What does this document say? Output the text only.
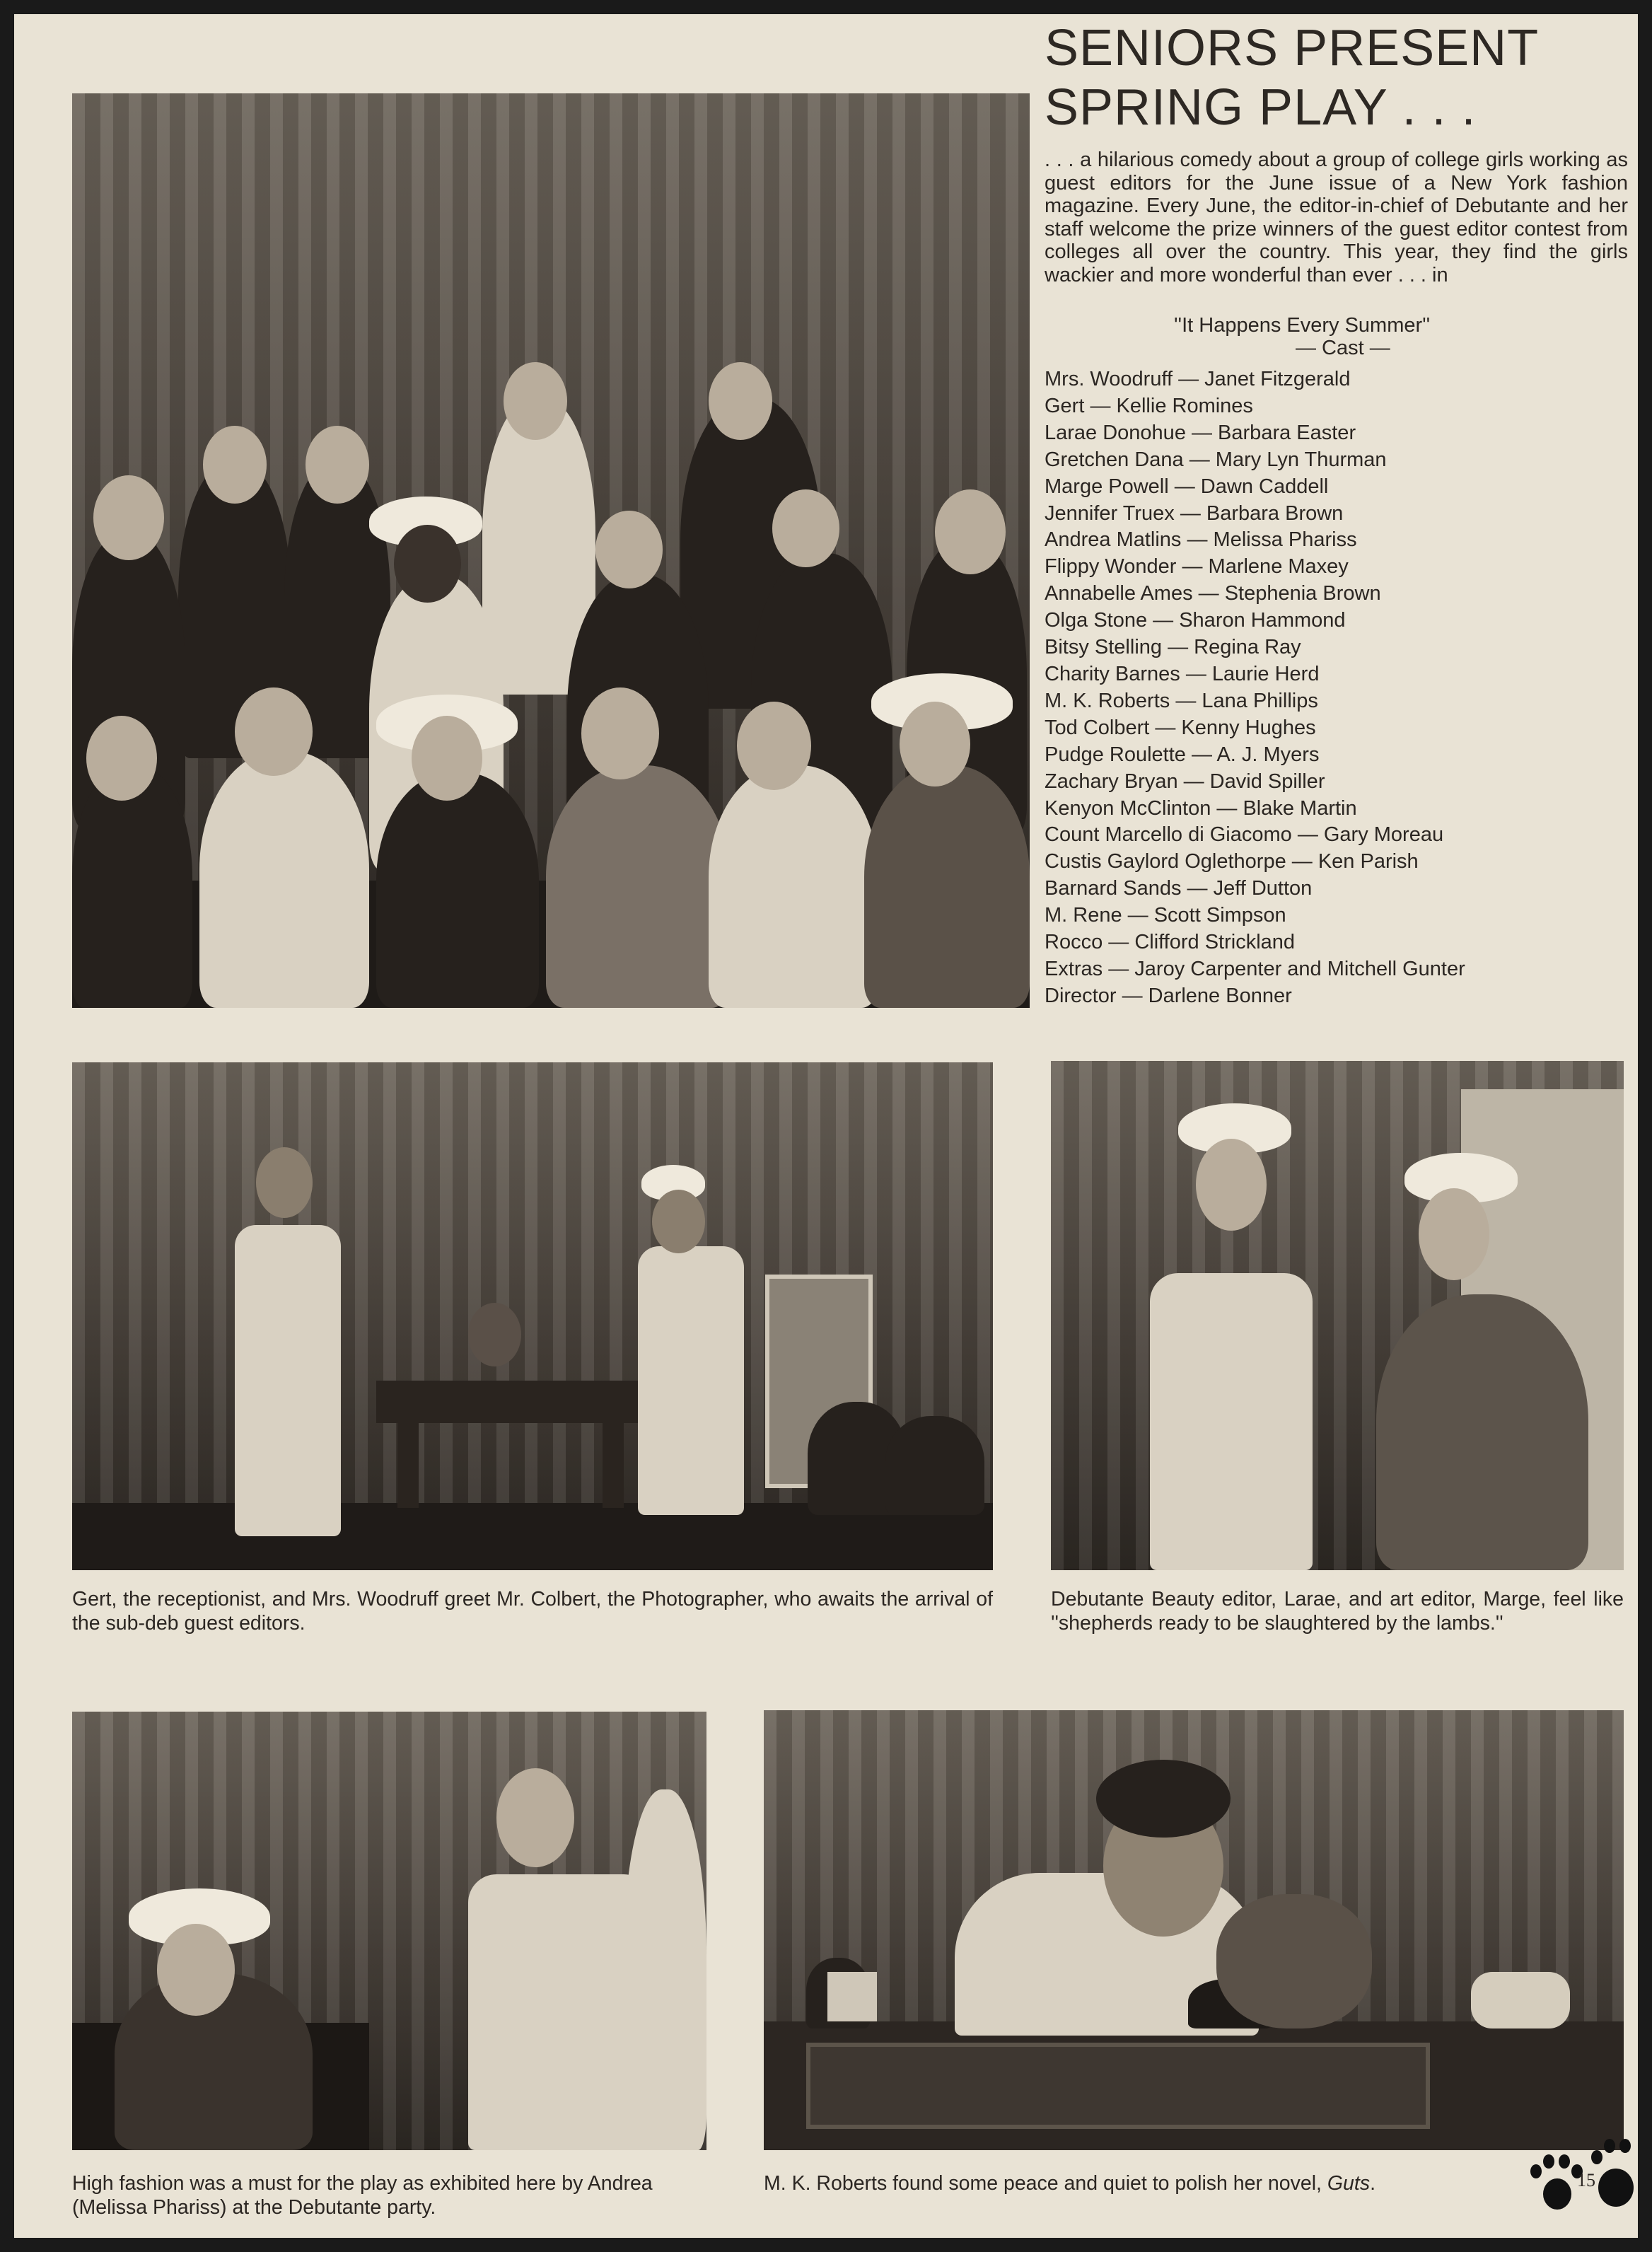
SENIORS PRESENT
SPRING PLAY . . .

. . . a hilarious comedy about a group of college girls working as guest editors for the June issue of a New York fashion magazine. Every June, the editor-in-chief of Debutante and her staff welcome the prize winners of the guest editor contest from colleges all over the country. This year, they find the girls wackier and more wonderful than ever . . . in

''It Happens Every Summer''
— Cast —
Mrs. Woodruff — Janet Fitzgerald
Gert — Kellie Romines
Larae Donohue — Barbara Easter
Gretchen Dana — Mary Lyn Thurman
Marge Powell — Dawn Caddell
Jennifer Truex — Barbara Brown
Andrea Matlins — Melissa Phariss
Flippy Wonder — Marlene Maxey
Annabelle Ames — Stephenia Brown
Olga Stone — Sharon Hammond
Bitsy Stelling — Regina Ray
Charity Barnes — Laurie Herd
M. K. Roberts — Lana Phillips
Tod Colbert — Kenny Hughes
Pudge Roulette — A. J. Myers
Zachary Bryan — David Spiller
Kenyon McClinton — Blake Martin
Count Marcello di Giacomo — Gary Moreau
Custis Gaylord Oglethorpe — Ken Parish
Barnard Sands — Jeff Dutton
M. Rene — Scott Simpson
Rocco — Clifford Strickland
Extras — Jaroy Carpenter and Mitchell Gunter
Director — Darlene Bonner

Gert, the receptionist, and Mrs. Woodruff greet Mr. Colbert, the Photographer, who awaits the arrival of the sub-deb guest editors.

Debutante Beauty editor, Larae, and art editor, Marge, feel like ''shepherds ready to be slaughtered by the lambs.''

High fashion was a must for the play as exhibited here by Andrea (Melissa Phariss) at the Debutante party.

M. K. Roberts found some peace and quiet to polish her novel, Guts.	15
